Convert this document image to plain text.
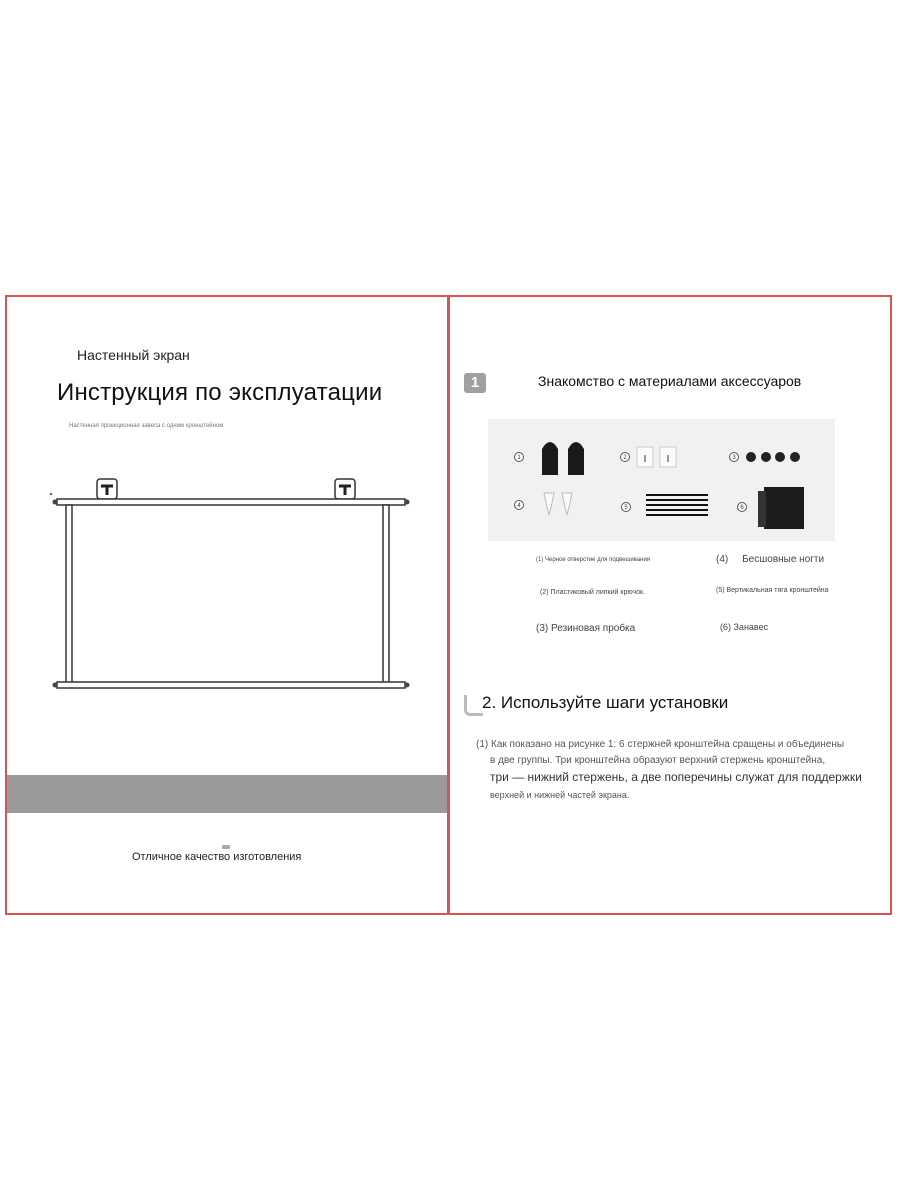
Настенный экран
Инструкция по эксплуатации
Настенная проекционная завеса с одним кронштейном
Отличное качество изготовления
1	Знакомство с материалами аксессуаров
1	2
4	5
3
6
(1) Черное отверстие для подвешивания
(2) Пластиковый липкий крючок.
(3) Резиновая пробка
(4)     Бесшовные ногти
(5) Вертикальная тяга кронштейна
(6) Занавес
2. Используйте шаги установки
(1) Как показано на рисунке 1: 6 стержней кронштейна сращены и объединены
в две группы. Три кронштейна образуют верхний стержень кронштейна,
три — нижний стержень, а две поперечины служат для поддержки
верхней и нижней частей экрана.
